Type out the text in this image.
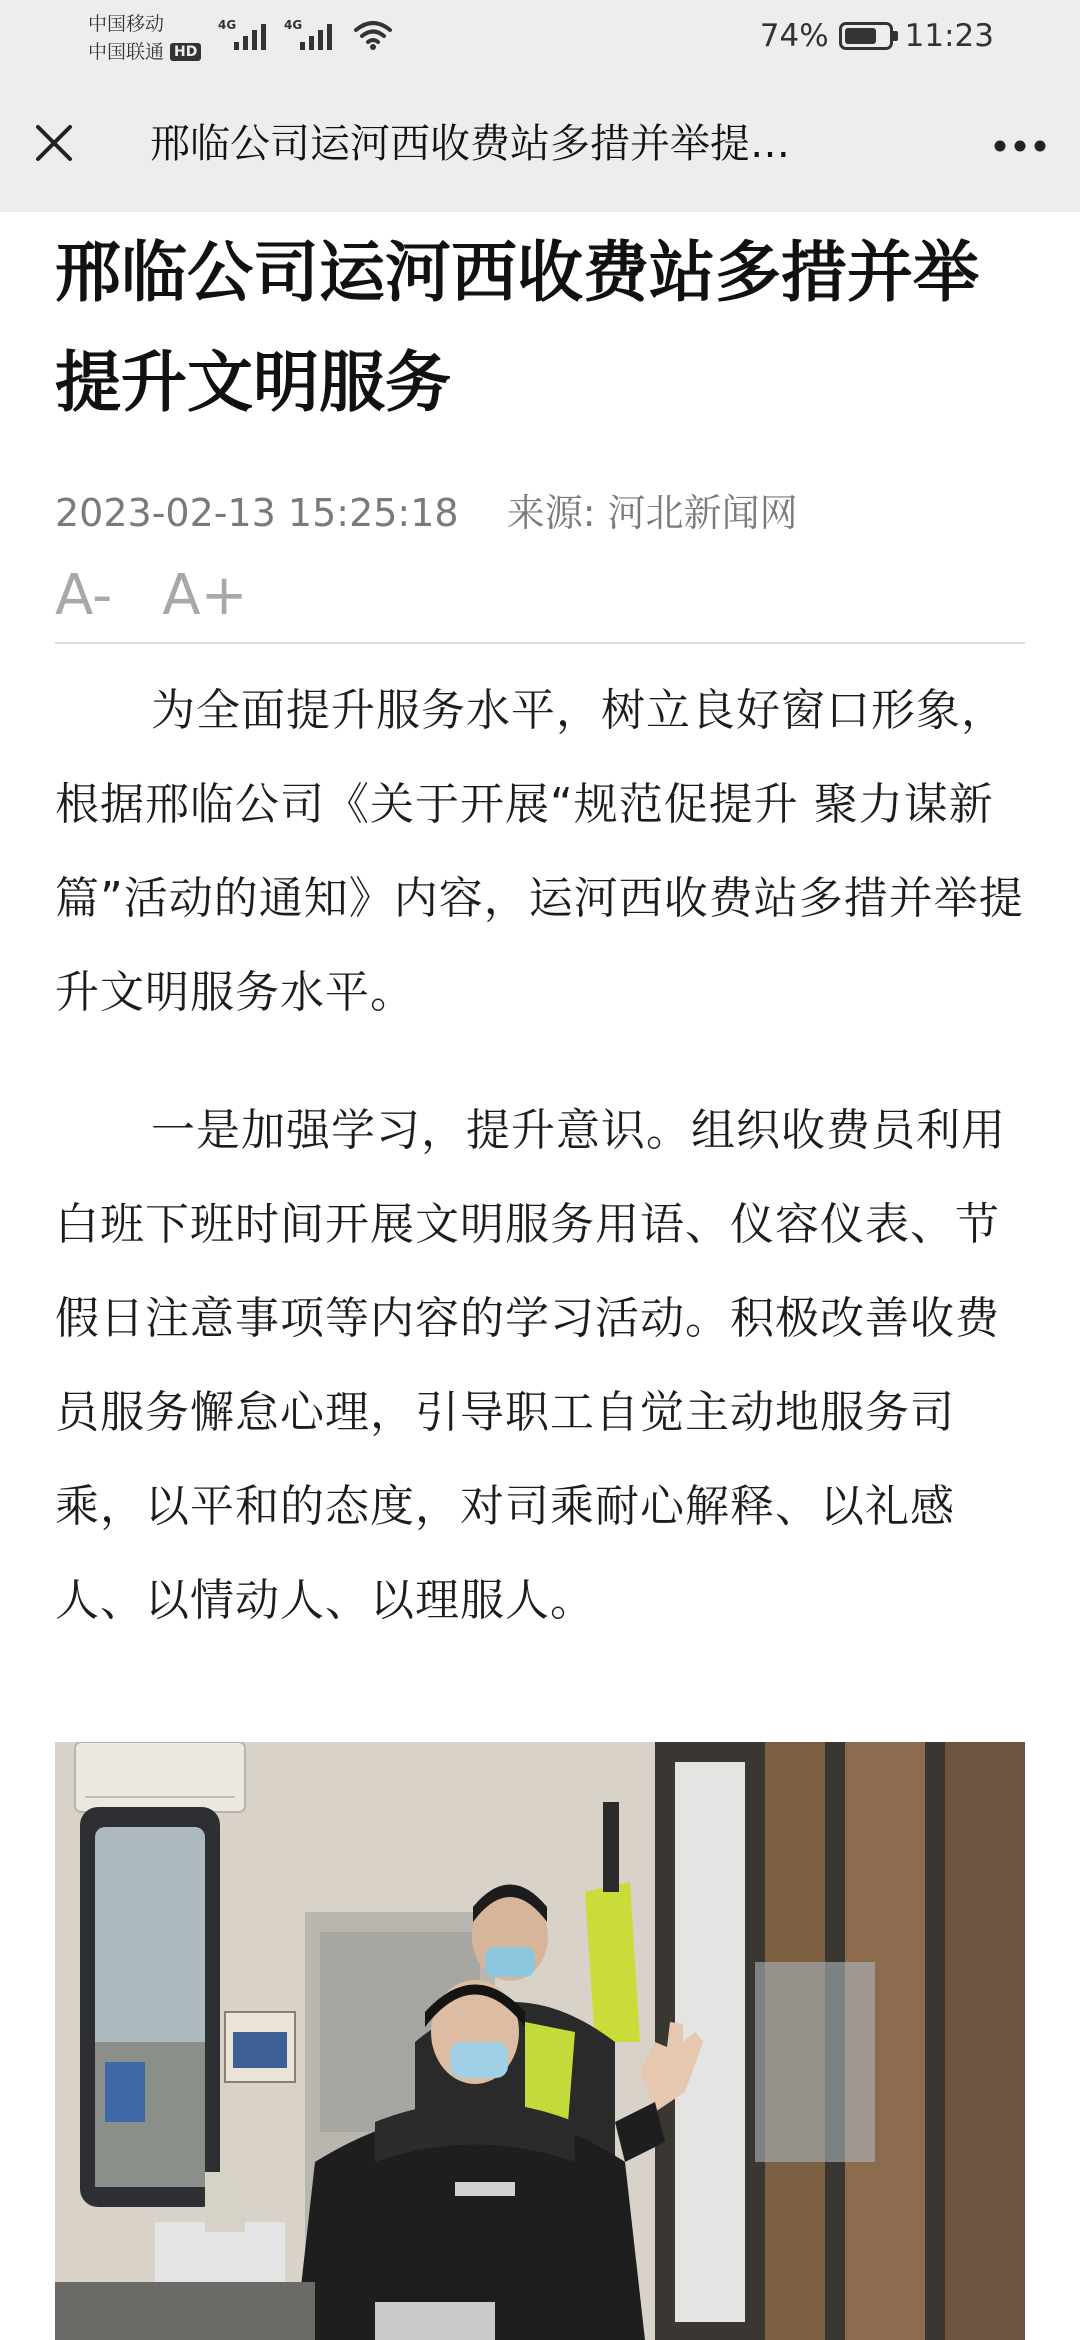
中国移动
中国联通 HD
4G	4G	74% 11:23
邢临公司运河西收费站多措并举提…
邢临公司运河西收费站多措并举提升文明服务
2023-02-13 15:25:18 来源: 河北新闻网
A- A+

为全面提升服务水平，树立良好窗口形象，根据邢临公司《关于开展“规范促提升 聚力谋新篇”活动的通知》内容，运河西收费站多措并举提升文明服务水平。

一是加强学习，提升意识。组织收费员利用白班下班时间开展文明服务用语、仪容仪表、节假日注意事项等内容的学习活动。积极改善收费员服务懈怠心理，引导职工自觉主动地服务司乘，以平和的态度，对司乘耐心解释、以礼感人、以情动人、以理服人。
